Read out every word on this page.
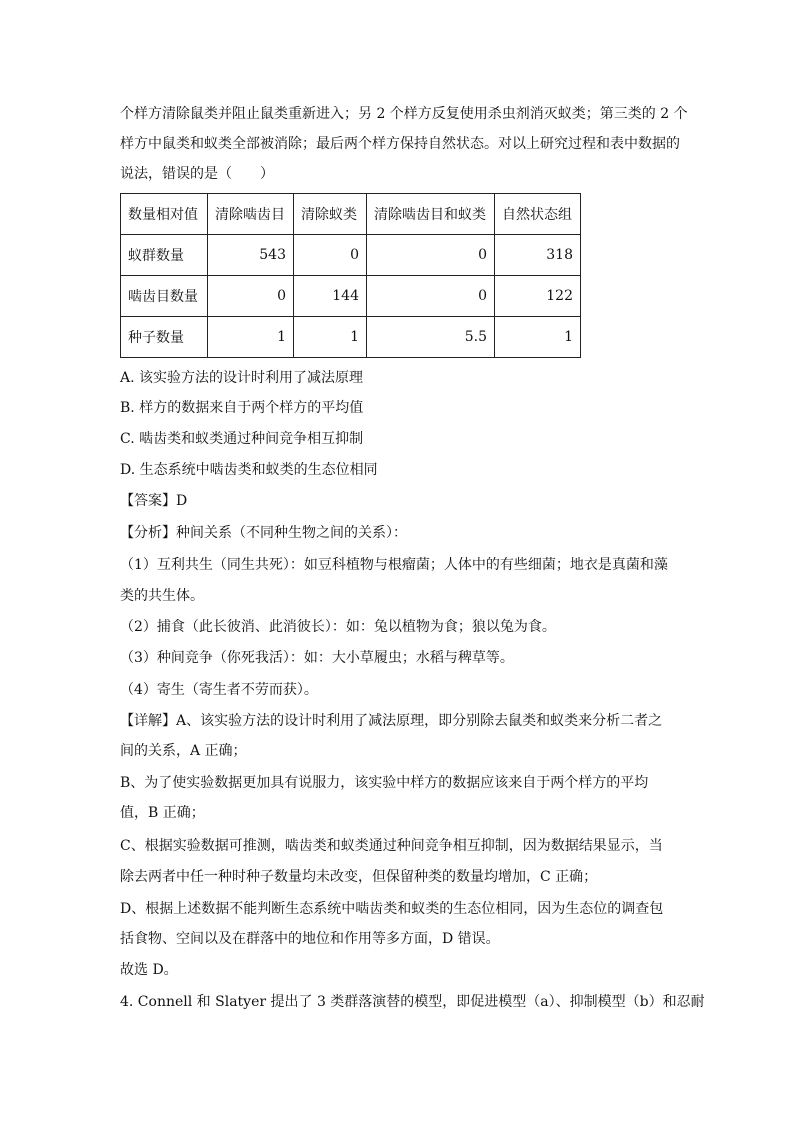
个样方清除鼠类并阻止鼠类重新进入；另 2 个样方反复使用杀虫剂消灭蚁类；第三类的 2 个
样方中鼠类和蚁类全部被消除；最后两个样方保持自然状态。对以上研究过程和表中数据的
说法，错误的是（　　）
数量相对值	清除啮齿目	清除蚁类	清除啮齿目和蚁类	自然状态组
蚁群数量	543	0	0	318
啮齿目数量	0	144	0	122
种子数量	1	1	5.5	1
A. 该实验方法的设计时利用了减法原理
B. 样方的数据来自于两个样方的平均值
C. 啮齿类和蚁类通过种间竞争相互抑制
D. 生态系统中啮齿类和蚁类的生态位相同
【答案】D
【分析】种间关系（不同种生物之间的关系）：
（1）互利共生（同生共死）：如豆科植物与根瘤菌；人体中的有些细菌；地衣是真菌和藻
类的共生体。
（2）捕食（此长彼消、此消彼长）：如：兔以植物为食；狼以兔为食。
（3）种间竞争（你死我活）：如：大小草履虫；水稻与稗草等。
（4）寄生（寄生者不劳而获）。
【详解】A、该实验方法的设计时利用了减法原理，即分别除去鼠类和蚁类来分析二者之
间的关系，A 正确；
B、为了使实验数据更加具有说服力，该实验中样方的数据应该来自于两个样方的平均
值，B 正确；
C、根据实验数据可推测，啮齿类和蚁类通过种间竞争相互抑制，因为数据结果显示，当
除去两者中任一种时种子数量均未改变，但保留种类的数量均增加，C 正确；
D、根据上述数据不能判断生态系统中啮齿类和蚁类的生态位相同，因为生态位的调查包
括食物、空间以及在群落中的地位和作用等多方面，D 错误。
故选 D。
4. Connell 和 Slatyer 提出了 3 类群落演替的模型，即促进模型（a）、抑制模型（b）和忍耐
